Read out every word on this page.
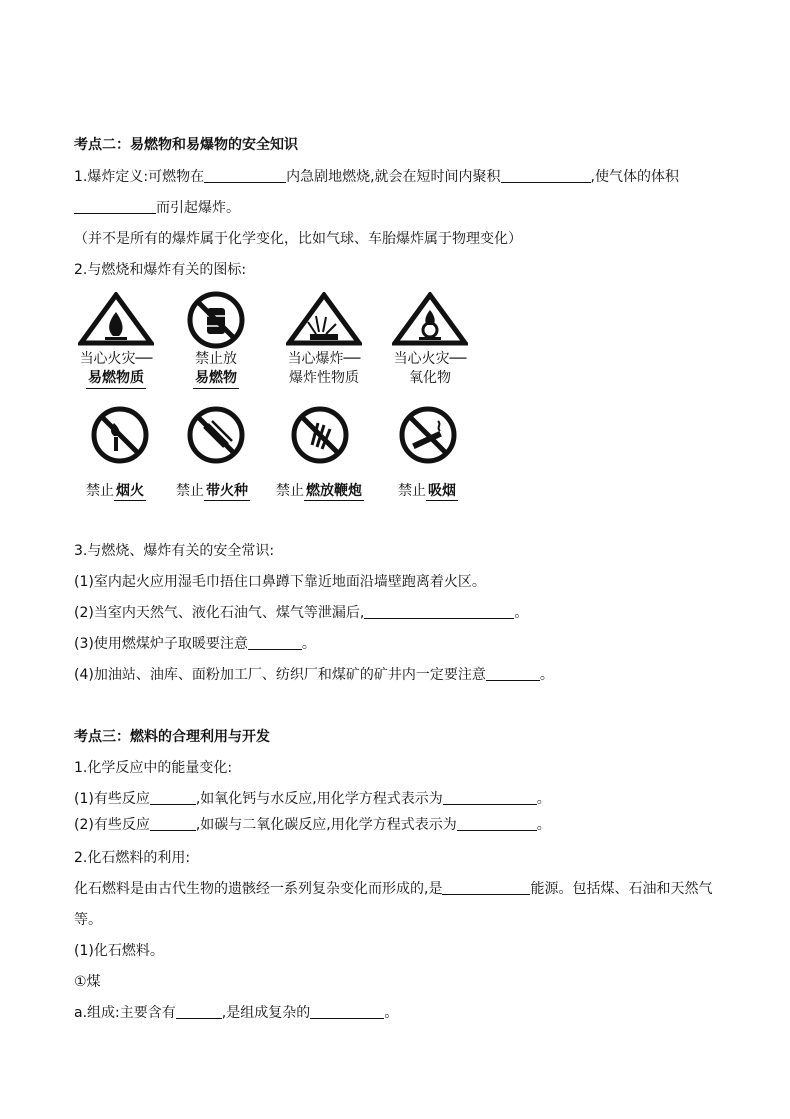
考点二：易燃物和易爆物的安全知识
1.爆炸定义:可燃物在	内急剧地燃烧,就会在短时间内聚积	,使气体的体积
而引起爆炸。
（并不是所有的爆炸属于化学变化，比如气球、车胎爆炸属于物理变化）
2.与燃烧和爆炸有关的图标:
当心火灾──
易燃物质
禁止放
易燃物
当心爆炸──
爆炸性物质
当心火灾──
氧化物
禁止 烟火 禁止 带火种 禁止 燃放鞭炮	禁止 吸烟
3.与燃烧、爆炸有关的安全常识:
(1)室内起火应用湿毛巾捂住口鼻蹲下靠近地面沿墙壁跑离着火区。
(2)当室内天然气、液化石油气、煤气等泄漏后,	。
(3)使用燃煤炉子取暖要注意	。
(4)加油站、油库、面粉加工厂、纺织厂和煤矿的矿井内一定要注意	。
考点三：燃料的合理利用与开发
1.化学反应中的能量变化:
(1)有些反应	,如氧化钙与水反应,用化学方程式表示为	。
(2)有些反应	,如碳与二氧化碳反应,用化学方程式表示为	。
2.化石燃料的利用:
化石燃料是由古代生物的遗骸经一系列复杂变化而形成的,是	能源。包括煤、石油和天然气
等。
(1)化石燃料。
①煤
a.组成:主要含有	,是组成复杂的	。
